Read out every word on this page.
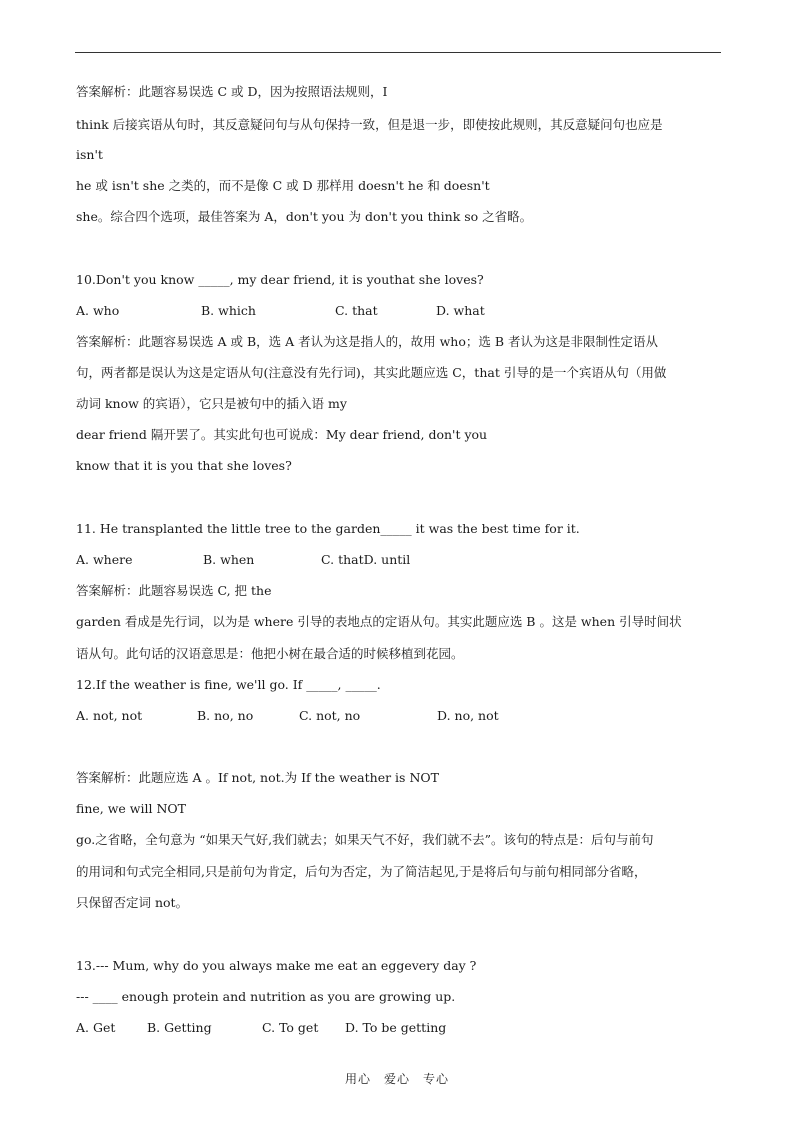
答案解析：此题容易误选 C 或 D，因为按照语法规则，I
think 后接宾语从句时，其反意疑问句与从句保持一致，但是退一步，即使按此规则，其反意疑问句也应是
isn't
he 或 isn't she 之类的，而不是像 C 或 D 那样用 doesn't he 和 doesn't
she。综合四个选项，最佳答案为 A，don't you 为 don't you think so 之省略。
10.Don't you know _____, my dear friend, it is youthat she loves?
A. who	B. which	C. that	D. what
答案解析：此题容易误选 A 或 B，选 A 者认为这是指人的，故用 who；选 B 者认为这是非限制性定语从
句，两者都是误认为这是定语从句(注意没有先行词)，其实此题应选 C，that 引导的是一个宾语从句（用做
动词 know 的宾语），它只是被句中的插入语 my
dear friend 隔开罢了。其实此句也可说成：My dear friend, don't you
know that it is you that she loves?
11. He transplanted the little tree to the garden_____ it was the best time for it.
A. where	B. when	C. thatD. until
答案解析：此题容易误选 C, 把 the
garden 看成是先行词，以为是 where 引导的表地点的定语从句。其实此题应选 B 。这是 when 引导时间状
语从句。此句话的汉语意思是：他把小树在最合适的时候移植到花园。
12.If the weather is fine, we'll go. If _____, _____.
A. not, not	B. no, no	C. not, no	D. no, not
答案解析：此题应选 A 。If not, not.为 If the weather is NOT
fine, we will NOT
go.之省略，全句意为 “如果天气好,我们就去；如果天气不好，我们就不去”。该句的特点是：后句与前句
的用词和句式完全相同,只是前句为肯定，后句为否定，为了简洁起见,于是将后句与前句相同部分省略，
只保留否定词 not。
13.--- Mum, why do you always make me eat an eggevery day ?
--- ____ enough protein and nutrition as you are growing up.
A. Get	B. Getting	C. To get D. To be getting
用心　爱心　专心
